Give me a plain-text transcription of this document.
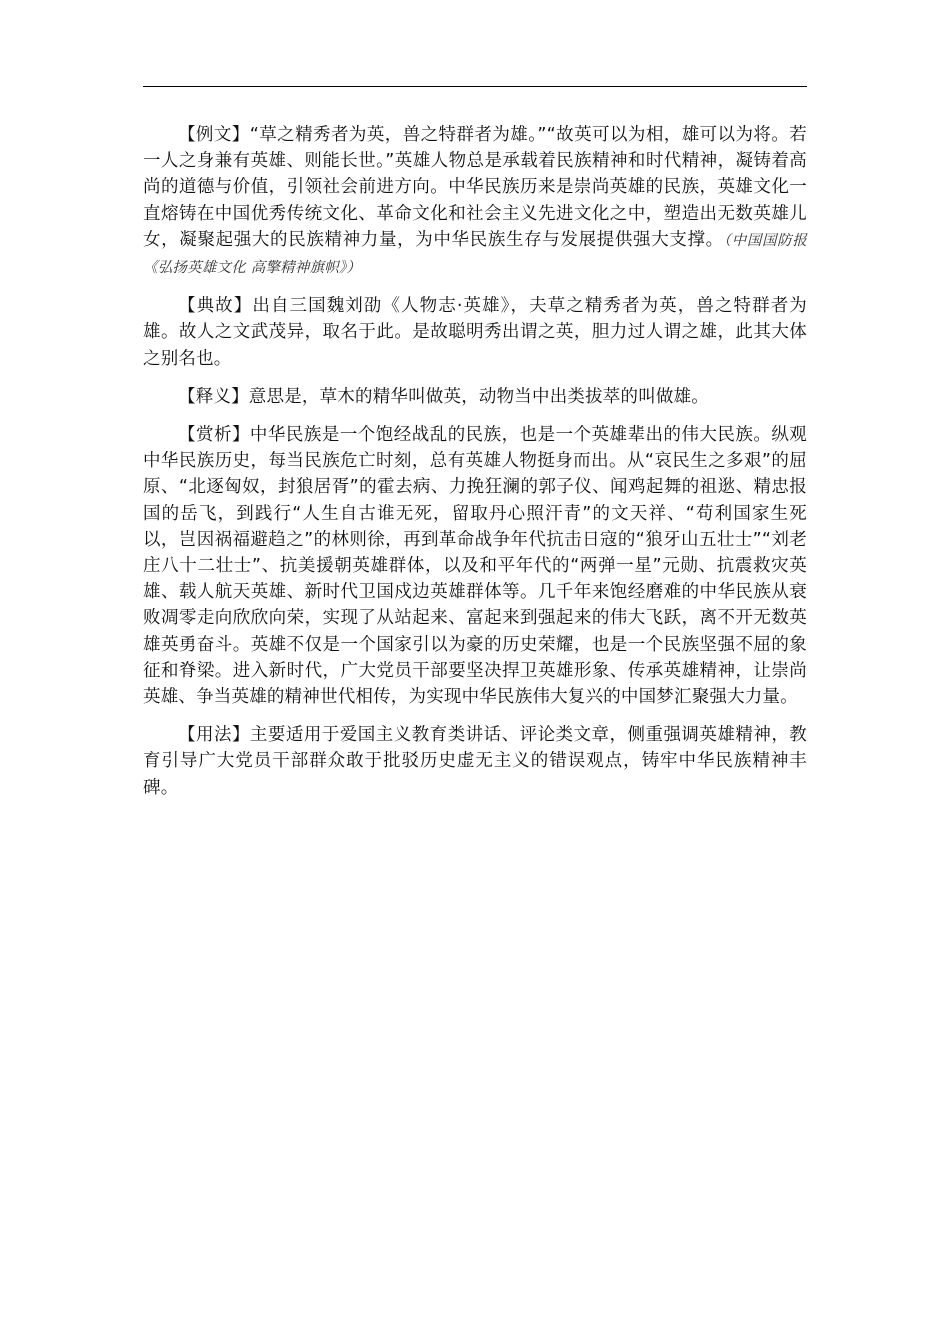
【例文】“草之精秀者为英，兽之特群者为雄。”“故英可以为相，雄可以为将。若一人之身兼有英雄、则能长世。”英雄人物总是承载着民族精神和时代精神，凝铸着高尚的道德与价值，引领社会前进方向。中华民族历来是崇尚英雄的民族，英雄文化一直熔铸在中国优秀传统文化、革命文化和社会主义先进文化之中，塑造出无数英雄儿女，凝聚起强大的民族精神力量，为中华民族生存与发展提供强大支撑。（中国国防报《弘扬英雄文化 高擎精神旗帜》）

【典故】出自三国魏刘劭《人物志·英雄》，夫草之精秀者为英，兽之特群者为雄。故人之文武茂异，取名于此。是故聪明秀出谓之英，胆力过人谓之雄，此其大体之别名也。

【释义】意思是，草木的精华叫做英，动物当中出类拔萃的叫做雄。

【赏析】中华民族是一个饱经战乱的民族，也是一个英雄辈出的伟大民族。纵观中华民族历史，每当民族危亡时刻，总有英雄人物挺身而出。从“哀民生之多艰”的屈原、“北逐匈奴，封狼居胥”的霍去病、力挽狂澜的郭子仪、闻鸡起舞的祖逖、精忠报国的岳飞，到践行“人生自古谁无死，留取丹心照汗青”的文天祥、“苟利国家生死以，岂因祸福避趋之”的林则徐，再到革命战争年代抗击日寇的“狼牙山五壮士”“刘老庄八十二壮士”、抗美援朝英雄群体，以及和平年代的“两弹一星”元勋、抗震救灾英雄、载人航天英雄、新时代卫国戍边英雄群体等。几千年来饱经磨难的中华民族从衰败凋零走向欣欣向荣，实现了从站起来、富起来到强起来的伟大飞跃，离不开无数英雄英勇奋斗。英雄不仅是一个国家引以为豪的历史荣耀，也是一个民族坚强不屈的象征和脊梁。进入新时代，广大党员干部要坚决捍卫英雄形象、传承英雄精神，让崇尚英雄、争当英雄的精神世代相传，为实现中华民族伟大复兴的中国梦汇聚强大力量。

【用法】主要适用于爱国主义教育类讲话、评论类文章，侧重强调英雄精神，教育引导广大党员干部群众敢于批驳历史虚无主义的错误观点，铸牢中华民族精神丰碑。
